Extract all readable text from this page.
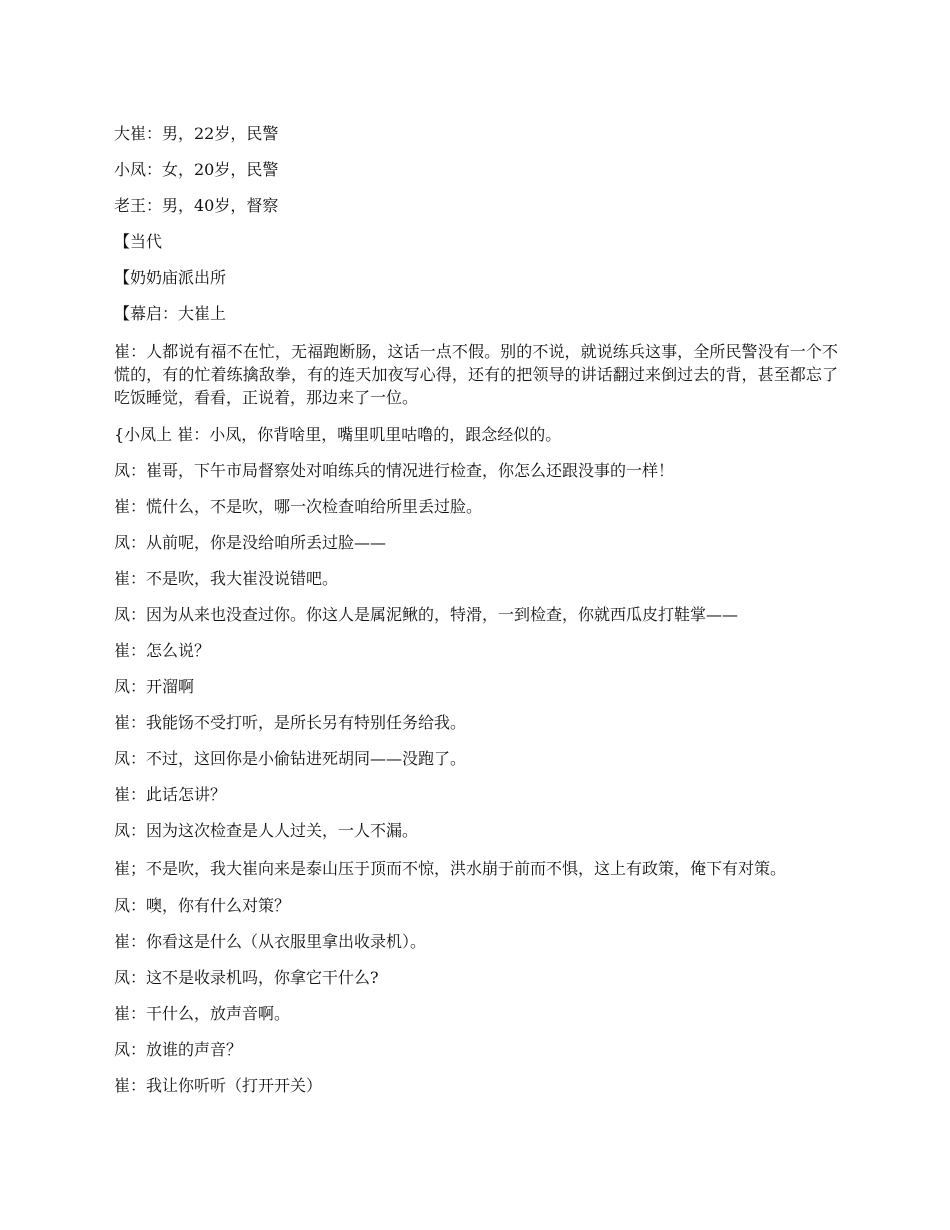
大崔：男，22岁，民警

小凤：女，20岁，民警

老王：男，40岁，督察

【当代

【奶奶庙派出所

【幕启：大崔上

崔：人都说有福不在忙，无福跑断肠，这话一点不假。别的不说，就说练兵这事，全所民警没有一个不慌的，有的忙着练擒敌拳，有的连天加夜写心得，还有的把领导的讲话翻过来倒过去的背，甚至都忘了吃饭睡觉，看看，正说着，那边来了一位。

{小凤上 崔：小凤，你背啥里，嘴里叽里咕噜的，跟念经似的。

凤：崔哥，下午市局督察处对咱练兵的情况进行检查，你怎么还跟没事的一样！

崔：慌什么，不是吹，哪一次检查咱给所里丢过脸。

凤：从前呢，你是没给咱所丢过脸——

崔：不是吹，我大崔没说错吧。

凤：因为从来也没查过你。你这人是属泥鳅的，特滑，一到检查，你就西瓜皮打鞋掌——

崔：怎么说？

凤：开溜啊

崔：我能饧不受打听，是所长另有特别任务给我。

凤：不过，这回你是小偷钻进死胡同——没跑了。

崔：此话怎讲？

凤：因为这次检查是人人过关，一人不漏。

崔；不是吹，我大崔向来是泰山压于顶而不惊，洪水崩于前而不惧，这上有政策，俺下有对策。

凤：噢，你有什么对策？

崔：你看这是什么（从衣服里拿出收录机）。

凤：这不是收录机吗，你拿它干什么?

崔：干什么，放声音啊。

凤：放谁的声音？

崔：我让你听听（打开开关）
